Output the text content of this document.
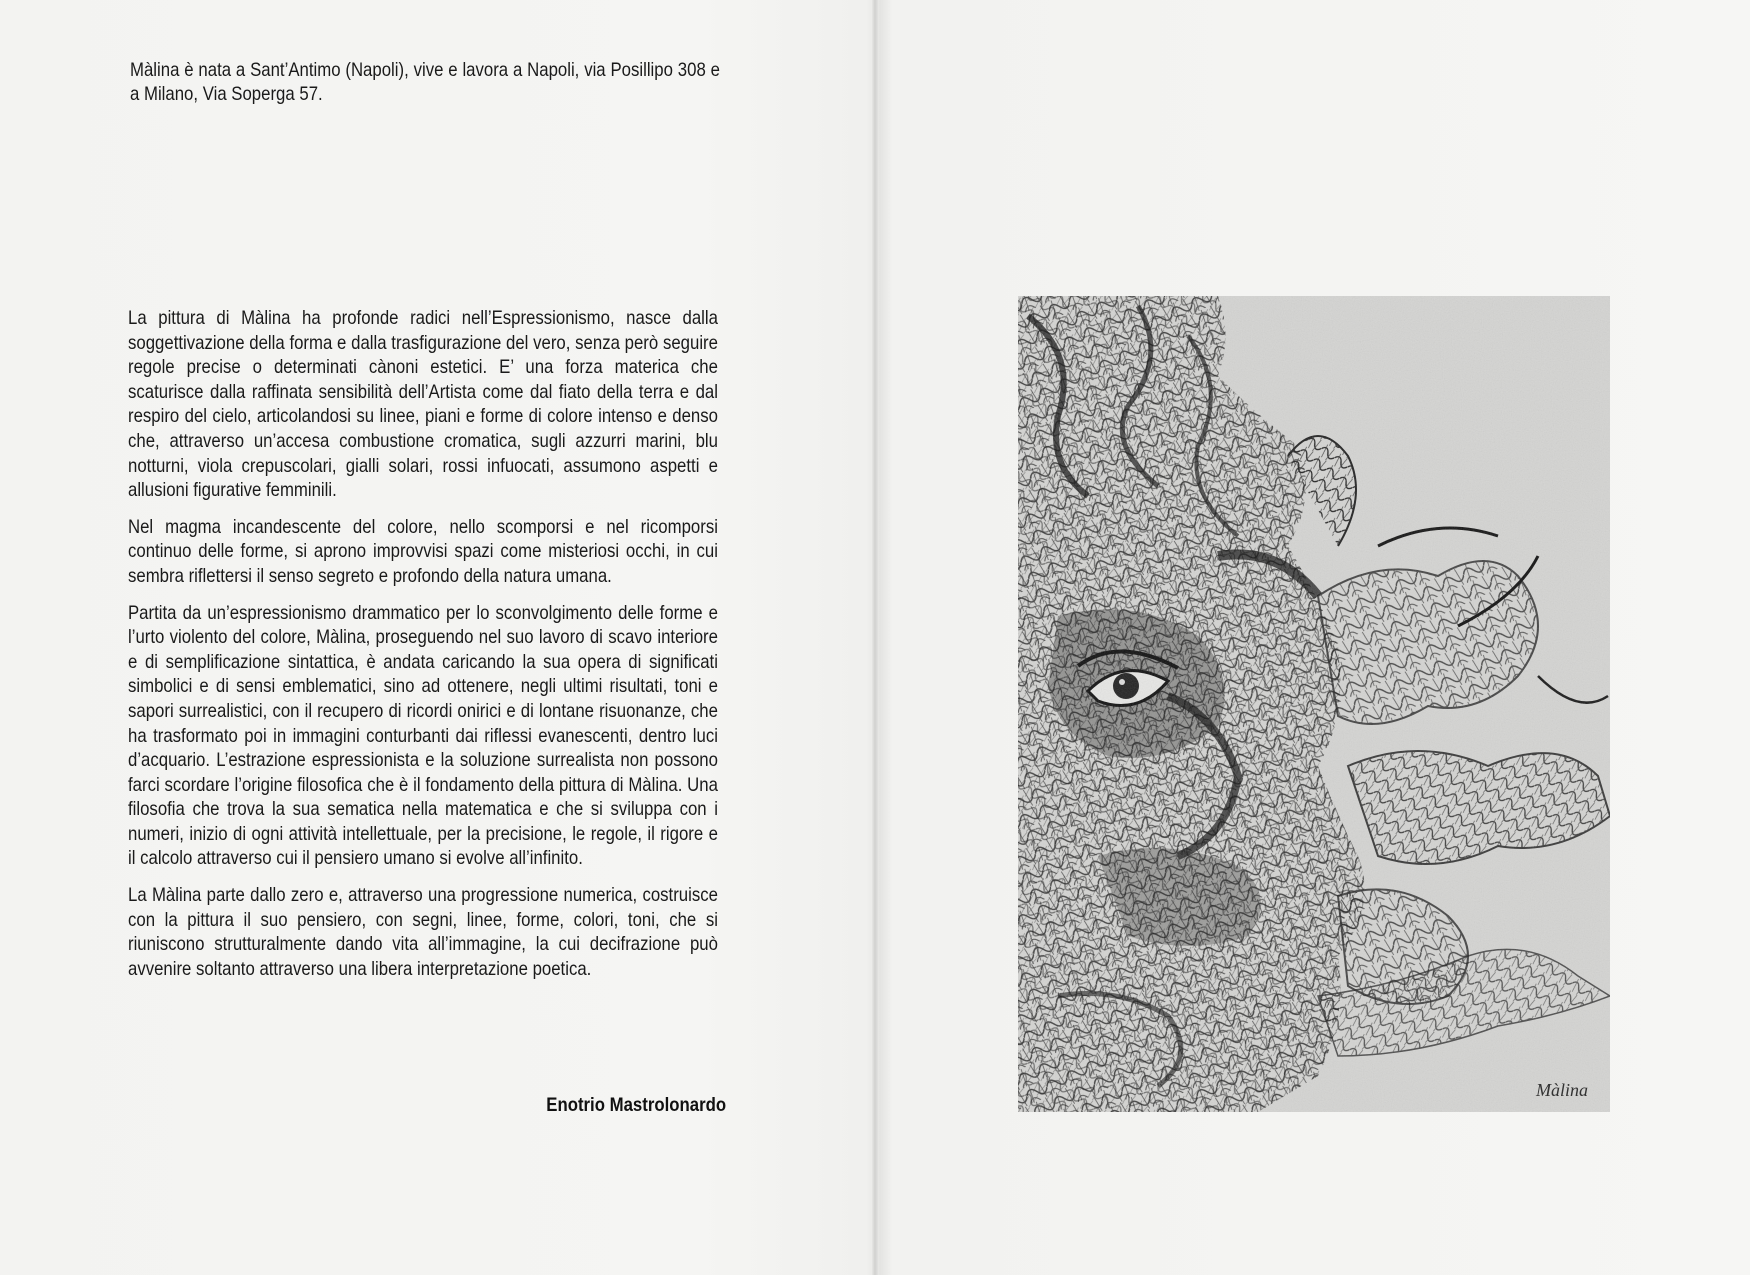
Màlina è nata a Sant’Antimo (Napoli), vive e lavora a Napoli, via Posillipo 308 e a Milano, Via Soperga 57.

La pittura di Màlina ha profonde radici nell’Espressionismo, nasce dalla soggettivazione della forma e dalla trasfigurazione del vero, senza però seguire regole precise o determinati cànoni estetici. E’ una forza materica che scaturisce dalla raffinata sensibilità dell’Artista come dal fiato della terra e dal respiro del cielo, articolandosi su linee, piani e forme di colore intenso e denso che, attraverso un’accesa combustione cromatica, sugli azzurri marini, blu notturni, viola crepuscolari, gialli solari, rossi infuocati, assumono aspetti e allusioni figurative femminili.

Nel magma incandescente del colore, nello scomporsi e nel ricomporsi continuo delle forme, si aprono improvvisi spazi come misteriosi occhi, in cui sembra riflettersi il senso segreto e profondo della natura umana.

Partita da un’espressionismo drammatico per lo sconvolgimento delle forme e l’urto violento del colore, Màlina, proseguendo nel suo lavoro di scavo interiore e di semplificazione sintattica, è andata caricando la sua opera di significati simbolici e di sensi emblematici, sino ad ottenere, negli ultimi risultati, toni e sapori surrealistici, con il recupero di ricordi onirici e di lontane risuonanze, che ha trasformato poi in immagini conturbanti dai riflessi evanescenti, dentro luci d’acquario. L’estrazione espressionista e la soluzione surrealista non possono farci scordare l’origine filosofica che è il fondamento della pittura di Màlina. Una filosofia che trova la sua sematica nella matematica e che si sviluppa con i numeri, inizio di ogni attività intellettuale, per la precisione, le regole, il rigore e il calcolo attraverso cui il pensiero umano si evolve all’infinito.

La Màlina parte dallo zero e, attraverso una progressione numerica, costruisce con la pittura il suo pensiero, con segni, linee, forme, colori, toni, che si riuniscono strutturalmente dando vita all’immagine, la cui decifrazione può avvenire soltanto attraverso una libera interpretazione poetica.

Enotrio Mastrolonardo
Màlina
